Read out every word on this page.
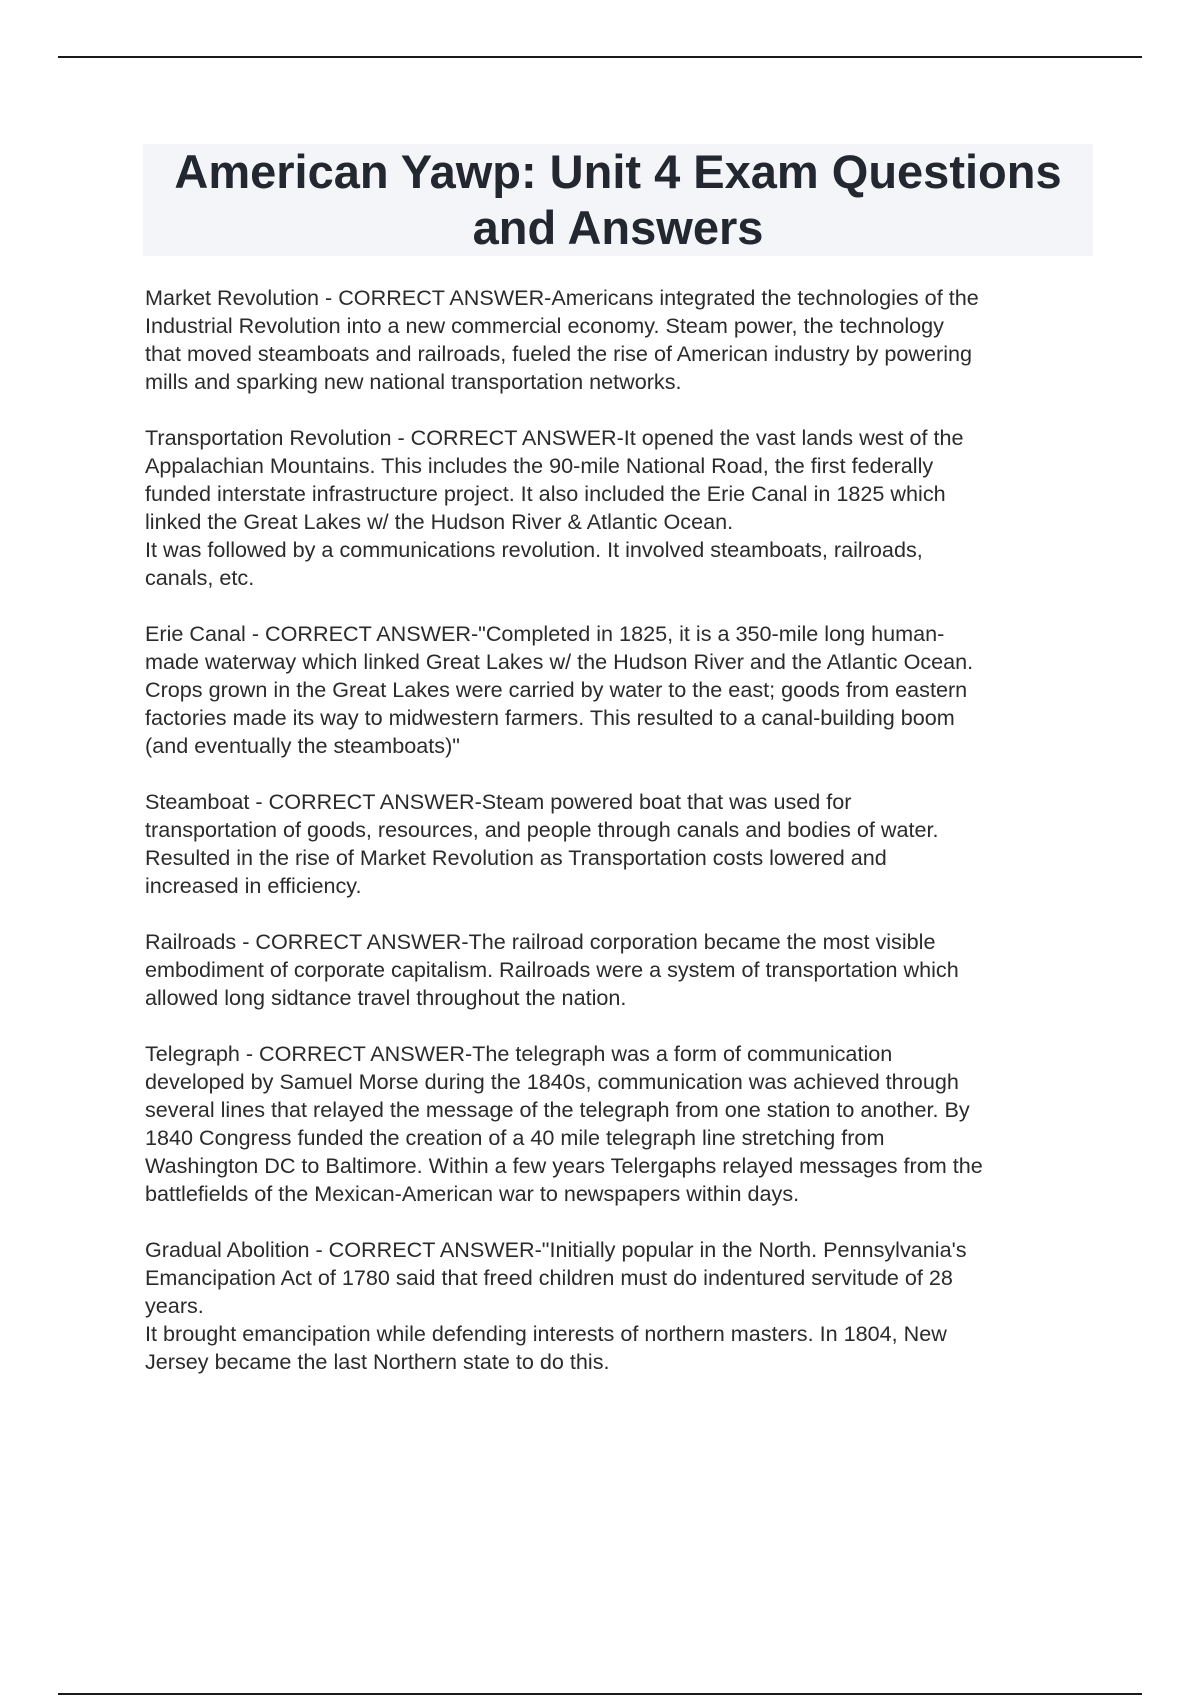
American Yawp: Unit 4 Exam Questions
and Answers

Market Revolution - CORRECT ANSWER-Americans integrated the technologies of the
Industrial Revolution into a new commercial economy. Steam power, the technology
that moved steamboats and railroads, fueled the rise of American industry by powering
mills and sparking new national transportation networks.

Transportation Revolution - CORRECT ANSWER-It opened the vast lands west of the
Appalachian Mountains. This includes the 90-mile National Road, the first federally
funded interstate infrastructure project. It also included the Erie Canal in 1825 which
linked the Great Lakes w/ the Hudson River & Atlantic Ocean.
It was followed by a communications revolution. It involved steamboats, railroads,
canals, etc.

Erie Canal - CORRECT ANSWER-"Completed in 1825, it is a 350-mile long human-
made waterway which linked Great Lakes w/ the Hudson River and the Atlantic Ocean.
Crops grown in the Great Lakes were carried by water to the east; goods from eastern
factories made its way to midwestern farmers. This resulted to a canal-building boom
(and eventually the steamboats)"

Steamboat - CORRECT ANSWER-Steam powered boat that was used for
transportation of goods, resources, and people through canals and bodies of water.
Resulted in the rise of Market Revolution as Transportation costs lowered and
increased in efficiency.

Railroads - CORRECT ANSWER-The railroad corporation became the most visible
embodiment of corporate capitalism. Railroads were a system of transportation which
allowed long sidtance travel throughout the nation.

Telegraph - CORRECT ANSWER-The telegraph was a form of communication
developed by Samuel Morse during the 1840s, communication was achieved through
several lines that relayed the message of the telegraph from one station to another. By
1840 Congress funded the creation of a 40 mile telegraph line stretching from
Washington DC to Baltimore. Within a few years Telergaphs relayed messages from the
battlefields of the Mexican-American war to newspapers within days.

Gradual Abolition - CORRECT ANSWER-"Initially popular in the North. Pennsylvania's
Emancipation Act of 1780 said that freed children must do indentured servitude of 28
years.
It brought emancipation while defending interests of northern masters. In 1804, New
Jersey became the last Northern state to do this.
